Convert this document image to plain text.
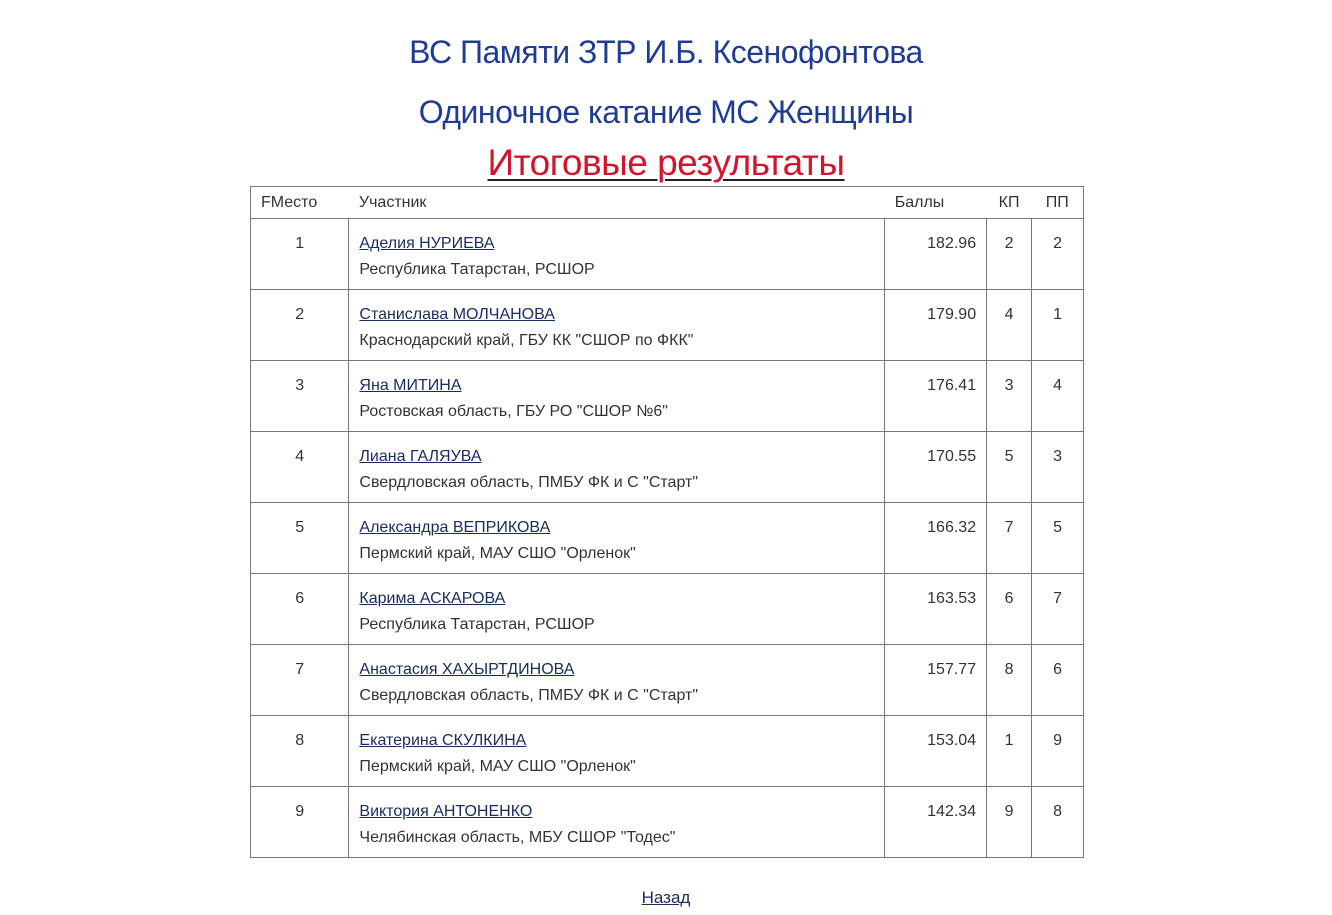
ВС Памяти ЗТР И.Б. Ксенофонтова
Одиночное катание МС Женщины
Итоговые результаты
FМесто	Участник	Баллы	КП	ПП
1	Аделия НУРИЕВА
Республика Татарстан, РСШОР	182.96	2	2
2	Станислава МОЛЧАНОВА
Краснодарский край, ГБУ КК "СШОР по ФКК"	179.90	4	1
3	Яна МИТИНА
Ростовская область, ГБУ РО "СШОР №6"	176.41	3	4
4	Лиана ГАЛЯУВА
Свердловская область, ПМБУ ФК и С "Старт"	170.55	5	3
5	Александра ВЕПРИКОВА
Пермский край, МАУ СШО "Орленок"	166.32	7	5
6	Карима АСКАРОВА
Республика Татарстан, РСШОР	163.53	6	7
7	Анастасия ХАХЫРТДИНОВА
Свердловская область, ПМБУ ФК и С "Старт"	157.77	8	6
8	Екатерина СКУЛКИНА
Пермский край, МАУ СШО "Орленок"	153.04	1	9
9	Виктория АНТОНЕНКО
Челябинская область, МБУ СШОР "Тодес"	142.34	9	8
Назад
